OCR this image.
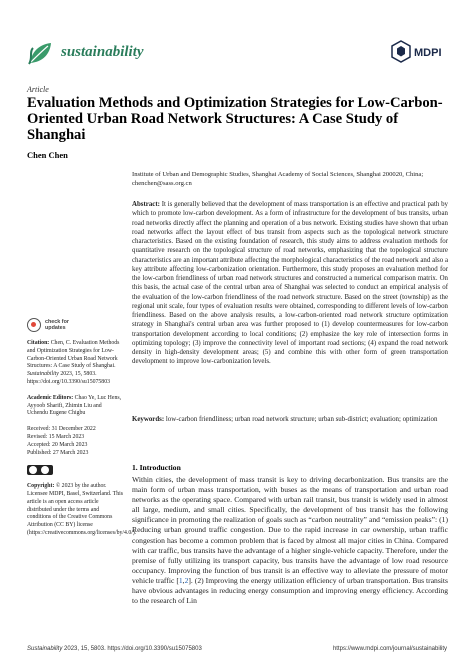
sustainability	MDPI
Article
Evaluation Methods and Optimization Strategies for Low-Carbon-Oriented Urban Road Network Structures: A Case Study of Shanghai
Chen Chen
Institute of Urban and Demographic Studies, Shanghai Academy of Social Sciences, Shanghai 200020, China;
chenchen@sass.org.cn
Abstract: It is generally believed that the development of mass transportation is an effective and practical path by which to promote low-carbon development. As a form of infrastructure for the development of bus transits, urban road networks directly affect the planning and operation of a bus network. Existing studies have shown that urban road networks affect the layout effect of bus transit from aspects such as the topological network structure characteristics. Based on the existing foundation of research, this study aims to address evaluation methods for quantitative research on the topological structure of road networks, emphasizing that the topological structure characteristics are an important attribute affecting the morphological characteristics of the road network and also a key attribute affecting low-carbonization orientation. Furthermore, this study proposes an evaluation method for the low-carbon friendliness of urban road network structures and constructed a numerical comparison matrix. On this basis, the actual case of the central urban area of Shanghai was selected to conduct an empirical analysis of the evaluation of the low-carbon friendliness of the road network structure. Based on the street (township) as the regional unit scale, four types of evaluation results were obtained, corresponding to different levels of low-carbon friendliness. Based on the above analysis results, a low-carbon-oriented road network structure optimization strategy in Shanghai's central urban area was further proposed to (1) develop countermeasures for low-carbon transportation development according to local conditions; (2) emphasize the key role of intersection forms in optimizing topology; (3) improve the connectivity level of important road sections; (4) expand the road network density in high-density development areas; (5) and combine this with other form of green transportation development to improve low-carbonization levels.
Keywords: low-carbon friendliness; urban road network structure; urban sub-district; evaluation; optimization
check for
updates
Citation: Chen, C. Evaluation Methods and Optimization Strategies for Low-Carbon-Oriented Urban Road Network Structures: A Case Study of Shanghai. Sustainability 2023, 15, 5803. https://doi.org/10.3390/su15075803
Academic Editors: Chao Ye, Luc Hens, Ayyoob Sharifi, Zhimin Liu and Uchendu Eugene Chigbu
Received: 31 December 2022
Revised: 15 March 2023
Accepted: 20 March 2023
Published: 27 March 2023
Copyright: © 2023 by the author. Licensee MDPI, Basel, Switzerland. This article is an open access article distributed under the terms and conditions of the Creative Commons Attribution (CC BY) license (https://creativecommons.org/licenses/by/4.0/).
1. Introduction
Within cities, the development of mass transit is key to driving decarbonization. Bus transits are the main form of urban mass transportation, with buses as the means of transportation and urban road networks as the operating space. Compared with urban rail transit, bus transit is widely used in almost all large, medium, and small cities. Specifically, the development of bus transit has the following significance in promoting the realization of goals such as “carbon neutrality” and “emission peaks”: (1) Reducing urban ground traffic congestion. Due to the rapid increase in car ownership, urban traffic congestion has become a common problem that is faced by almost all major cities in China. Compared with car traffic, bus transits have the advantage of a higher single-vehicle capacity. Therefore, under the premise of fully utilizing its transport capacity, bus transits have the advantage of low road resource occupancy. Improving the function of bus transit is an effective way to alleviate the pressure of motor vehicle traffic [1,2]. (2) Improving the energy utilization efficiency of urban transportation. Bus transits have obvious advantages in reducing energy consumption and improving energy efficiency. According to the research of Lin
Sustainability 2023, 15, 5803. https://doi.org/10.3390/su15075803	https://www.mdpi.com/journal/sustainability
